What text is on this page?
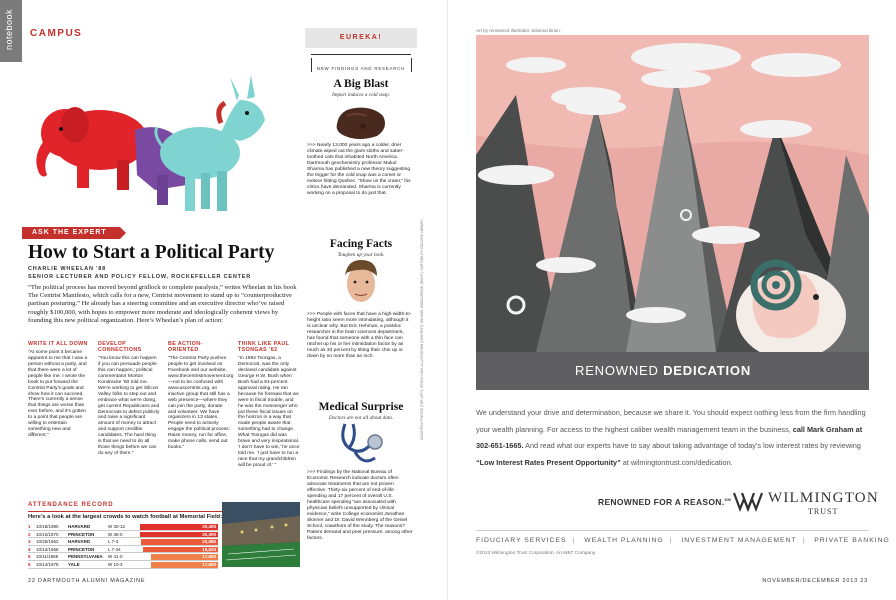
notebook CAMPUS
ASK THE EXPERT
How to Start a Political Party
CHARLIE WHEELAN '88
SENIOR LECTURER AND POLICY FELLOW, ROCKEFELLER CENTER
“The political process has moved beyond gridlock to complete paralysis,” writes Wheelan in his book The Centrist Manifesto, which calls for a new, Centrist movement to stand up to “counterproductive partisan posturing.” He already has a steering committee and an executive director who’ve raised roughly $100,000, with hopes to empower more moderate and ideologically coherent views by founding this new political organization. Here’s Wheelan’s plan of action:
WRITE IT ALL DOWN

“At some point it became apparent to me that I was a person without a party, and that there were a lot of people like me. I wrote the book to put forward the Centrist Party’s goals and show how it can succeed. There’s currently a sense that things are worse than ever before, and it’s gotten to a point that people are willing to entertain something new and different.”

DEVELOP CONNECTIONS

“You know this can happen if you can persuade people this can happen,’ political commentator Morton Kondracke ’60 told me. We’re working to get Silicon Valley folks to step out and embrace what we’re doing, get current Republicans and Democrats to defect publicly and raise a significant amount of money to attract and support credible candidates. The hard thing is that we need to do all those things before we can do any of them.”

BE ACTION-ORIENTED

“The Centrist Party pushes people to get involved on Facebook and our website, www.thecentristmovement.org—not to be confused with www.uscentrist.org, an inactive group that still has a web presence—where they can join the party, donate and volunteer. We have organizers in 13 states. People need to actively engage the political process: Raise money, run for office, make phone calls, send out books.”

THINK LIKE PAUL TSONGAS ’62

“In 1992 Tsongas, a Democrat, was the only declared candidate against George H.W. Bush when Bush had a 91-percent approval rating. He ran because he foresaw that we were in fiscal trouble, and he was the messenger who put these fiscal issues on the horizon in a way that made people aware that something had to change. What Tsongas did was brave and very inspirational. ‘I don’t have to win,’ he once told me. ‘I just have to run a race that my grandchildren will be proud of.’ ”

ATTENDANCE RECORD
Here’s a look at the largest crowds to watch football at Memorial Field:
1 10/18/1980 HARVARD	W 30-12	20,400
2 10/10/1970 PRINCETON	W 38-0	20,300
3 10/20/1962 HARVARD	L 7-3	20,080
4 10/12/1968 PRINCETON	L 7-34	19,633
5 10/11/1969 PENNSYLVANIA W 41-0	17,600
5 10/14/1978 YALE	W 10-3	17,600
22 DARTMOUTH ALUMNI MAGAZINE
EUREKA!
NEW FINDINGS AND RESEARCH
A Big Blast
Impact induces a cold snap.
>>> Nearly 13,000 years ago a colder, drier climate wiped out the giant sloths and saber-toothed cats that inhabited North America. Dartmouth geochemistry professor Mukul Sharma has published a new theory suggesting the trigger for the cold snap was a comet or meteor hitting Quebec. “Show us the crater,” his critics have demanded. Sharma is currently working on a proposal to do just that.
Facing Facts
Toughen up your look.
>>> People with faces that have a high width-to-height ratio seem more intimidating, although it is unclear why. But Eric Hehman, a postdoc researcher in the brain sciences department, has found that someone with a thin face can ratchet up his or her intimidation factor by as much as 33 percent by tilting their chin up or down by no more than an inch.
Medical Surprise
Doctors are not all about data.
>>> Findings by the National Bureau of Economic Research indicate doctors often advocate treatments that are not proven effective. Thirty-six percent of end-of-life spending and 17 percent of overall U.S. healthcare spending “are associated with physician beliefs unsupported by clinical evidence,” write College economist Jonathan Skinner and Dr. David Wennberg of the Geisel School, coauthors of the study. The reasons? Patient demand and peer pressure, among other factors.
COURTESY PHOTOS (TOP LEFT): ISTOCK.COM; ILLUSTRATION (CENTRIST): MICHAEL WOOLDRIDGE; (RIGHT): DARTMOUTH COLLEGE LIBRARY
Art by renowned illustrator Julianna Brion.
RENOWNED DEDICATION
We understand your drive and determination, because we share it. You should expect nothing less from the firm handling your wealth planning. For access to the highest caliber wealth management team in the business, call Mark Graham at 302-651-1665. And read what our experts have to say about taking advantage of today’s low interest rates by reviewing “Low Interest Rates Present Opportunity” at wilmingtontrust.com/dedication.
RENOWNED FOR A REASON.℠ WILMINGTON
TRUST
FIDUCIARY SERVICES | WEALTH PLANNING | INVESTMENT MANAGEMENT | PRIVATE BANKING
©2013 Wilmington Trust Corporation. An M&T Company.
NOVEMBER/DECEMBER 2013 23
